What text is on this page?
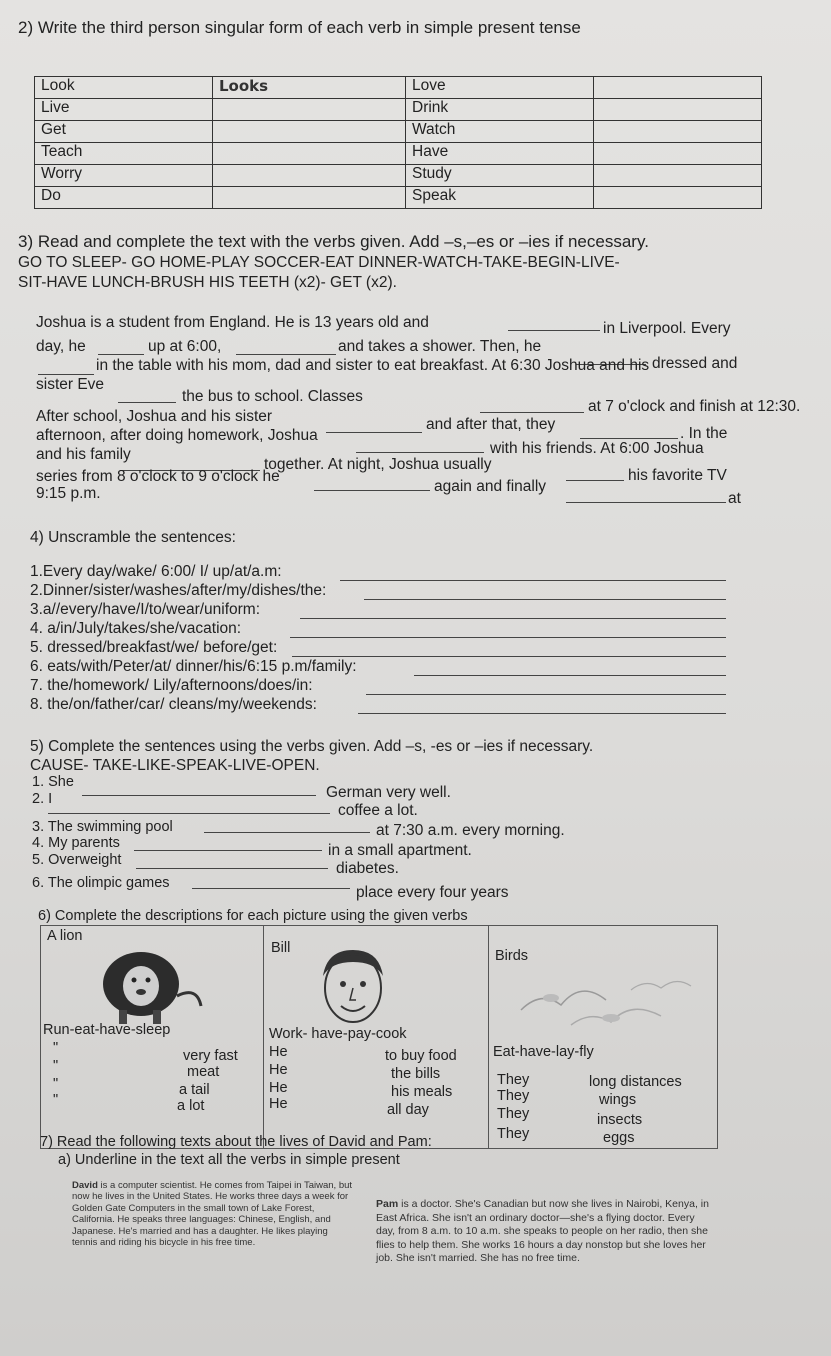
2) Write the third person singular form of each verb in simple present tense
Look	Looks	Love	
Live		Drink	
Get		Watch	
Teach		Have	
Worry		Study	
Do		Speak	
3) Read and complete the text with the verbs given. Add –s,–es or –ies if necessary.
GO TO SLEEP- GO HOME-PLAY SOCCER-EAT DINNER-WATCH-TAKE-BEGIN-LIVE-
SIT-HAVE LUNCH-BRUSH HIS TEETH (x2)- GET (x2).
Joshua is a student from England. He is 13 years old and	in Liverpool. Every
day, he	up at 6:00,	and takes a shower. Then, he
dressed and
in the table with his mom, dad and sister to eat breakfast. At 6:30 Joshua and his
sister Eve
the bus to school. Classes
at 7 o'clock and finish at 12:30.
After school, Joshua and his sister	and after that, they
. In the
afternoon, after doing homework, Joshua
with his friends. At 6:00 Joshua
and his family
together. At night, Joshua usually
his favorite TV
series from 8 o'clock to 9 o'clock he
again and finally
at
9:15 p.m.
4) Unscramble the sentences:
1.Every day/wake/ 6:00/ I/ up/at/a.m:
2.Dinner/sister/washes/after/my/dishes/the:
3.a//every/have/I/to/wear/uniform:
4. a/in/July/takes/she/vacation:
5. dressed/breakfast/we/ before/get:
6. eats/with/Peter/at/ dinner/his/6:15 p.m/family:
7. the/homework/ Lily/afternoons/does/in:
8. the/on/father/car/ cleans/my/weekends:
5) Complete the sentences using the verbs given. Add –s, -es or –ies if necessary.
CAUSE- TAKE-LIKE-SPEAK-LIVE-OPEN.
1. She
German very well.
2. I
coffee a lot.
3. The swimming pool	at 7:30 a.m. every morning.
4. My parents	in a small apartment.
5. Overweight	diabetes.
6. The olimpic games
place every four years
6) Complete the descriptions for each picture using the given verbs
A lion
Run-eat-have-sleep
"	very fast
"	meat
"	a tail
"	a lot
Bill
Work- have-pay-cook
He	to buy food
He	the bills
He	his meals
He	all day
Birds
Eat-have-lay-fly
They	long distances
They	wings
They	insects
They	eggs
7) Read the following texts about the lives of David and Pam:
a) Underline in the text all the verbs in simple present
David is a computer scientist. He comes from Taipei in Taiwan, but now he lives in the United States. He works three days a week for Golden Gate Computers in the small town of Lake Forest, California. He speaks three languages: Chinese, English, and Japanese. He's married and has a daughter. He likes playing tennis and riding his bicycle in his free time.
Pam is a doctor. She's Canadian but now she lives in Nairobi, Kenya, in East Africa. She isn't an ordinary doctor—she's a flying doctor. Every day, from 8 a.m. to 10 a.m. she speaks to people on her radio, then she flies to help them. She works 16 hours a day nonstop but she loves her job. She isn't married. She has no free time.
